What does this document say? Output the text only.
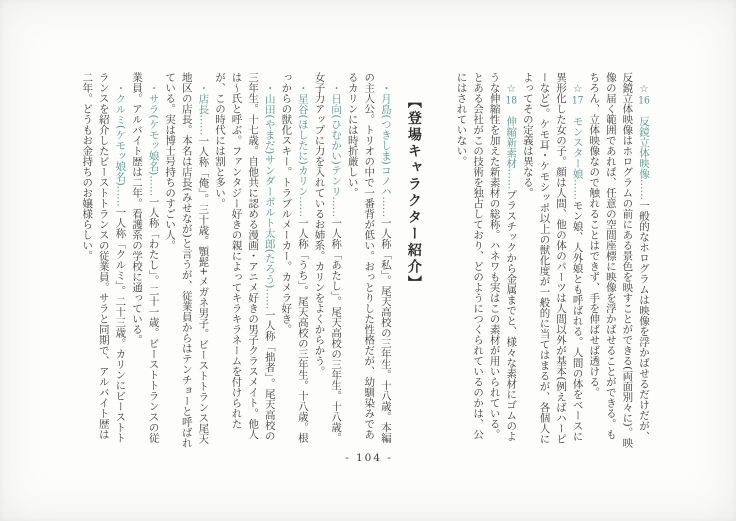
☆16　反鏡立体映像……一般的なホログラムは映像を浮かばせるだけだが、反鏡立体映像はホログラムの前にある景色を映すことができる(両面別々に)。映像の届く範囲であれば、任意の空間座標に映像を浮かばせることができる。もちろん、立体映像なので触れることはできず、手を伸ばせば透ける。

☆17　モンスター娘……モン娘、人外娘とも呼ばれる。人間の体をベースに異形化した女の子。顔は人間、他の体のパーツは人間以外が基本(例えばハーピーなど)。ケモ耳・ケモシッポ以上の獣化度が一般的に当てはまるが、各個人によってその定義は異なる。

☆18　伸縮新素材……プラスチックから金属までと、様々な素材にゴムのような伸縮性を加えた新素材の総称。ハネワも実はこの素材が用いられている。とある会社がこの技術を独占しており、どのようにつくられているのかは、公にはされていない。

【登場キャラクター紹介】

・月島(つきしま)コノハ……一人称「私」。尾天高校の三年生。十八歳。本編の主人公。トリオの中で一番背が低い。おっとりした性格だが、幼馴染みであるカリンには時折厳しい。

・日向(ひむかい)テンリ……一人称「あたし」。尾天高校の三年生。十八歳。女子力アップに力を入れているお姉系。カリンをよくからかう。

・星谷(ほしたに)カリン……一人称「うち」。尾天高校の三年生。十八歳。根っからの獣化スキー。トラブルメーカー。カメラ好き。

・山田(やまだ)サンダーボルト太郎(たろう)……一人称「拙者」。尾天高校の三年生。十七歳。自他共に認める漫画・アニメ好きの男子クラスメイト。他人は〜氏と呼ぶ。ファンタジー好きの親によってキラキラネームを付けられたが、この時代には割と多い。

・店長……一人称「俺」。三十歳。顎髭+メガネ男子。ビーストトランス尾天地区の店長。本名は店長(みせなが)と言うが、従業員からはテンチョーと呼ばれている。実は博士号持ちのすごい人。

・サラ(ケモッ娘名)……一人称「わたし」。二十一歳。ビーストトランスの従業員。アルバイト歴は二年。看護系の学校に通っている。

・クルミ(ケモッ娘名)……一人称「クルミ」。二十三歳。カリンにビーストトランスを紹介したビーストトランスの従業員。サラと同期で、アルバイト歴は二年。どうもお金持ちのお嬢様らしい。

- 104 -
